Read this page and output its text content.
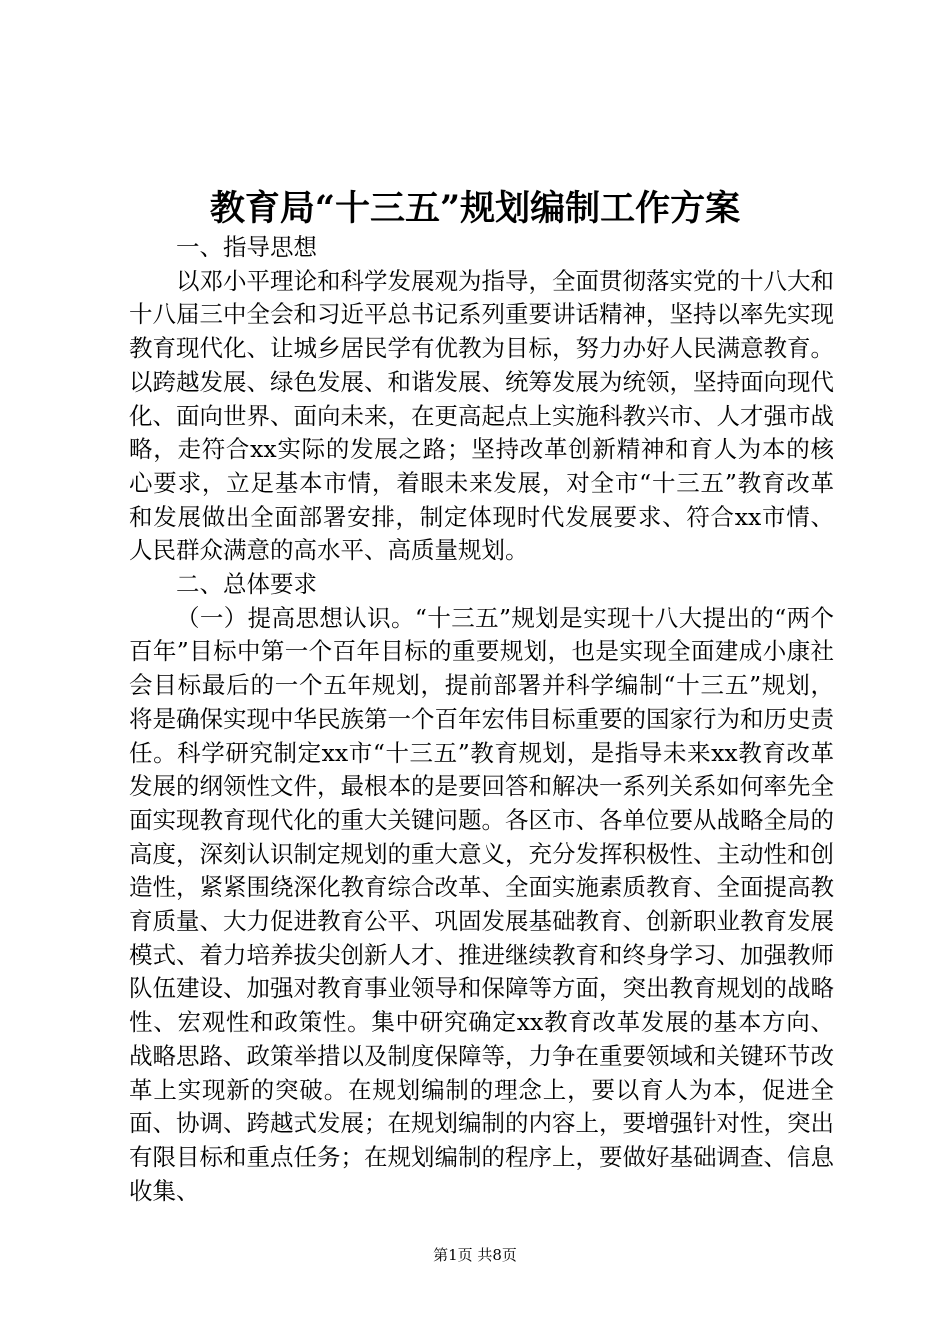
教育局“十三五”规划编制工作方案

一、指导思想

以邓小平理论和科学发展观为指导，全面贯彻落实党的十八大和十八届三中全会和习近平总书记系列重要讲话精神，坚持以率先实现教育现代化、让城乡居民学有优教为目标，努力办好人民满意教育。以跨越发展、绿色发展、和谐发展、统筹发展为统领，坚持面向现代化、面向世界、面向未来，在更高起点上实施科教兴市、人才强市战略，走符合xx实际的发展之路；坚持改革创新精神和育人为本的核心要求，立足基本市情，着眼未来发展，对全市“十三五”教育改革和发展做出全面部署安排，制定体现时代发展要求、符合xx市情、人民群众满意的高水平、高质量规划。

二、总体要求

（一）提高思想认识。“十三五”规划是实现十八大提出的“两个百年”目标中第一个百年目标的重要规划，也是实现全面建成小康社会目标最后的一个五年规划，提前部署并科学编制“十三五”规划，将是确保实现中华民族第一个百年宏伟目标重要的国家行为和历史责任。科学研究制定xx市“十三五”教育规划，是指导未来xx教育改革发展的纲领性文件，最根本的是要回答和解决一系列关系如何率先全面实现教育现代化的重大关键问题。各区市、各单位要从战略全局的高度，深刻认识制定规划的重大意义，充分发挥积极性、主动性和创造性，紧紧围绕深化教育综合改革、全面实施素质教育、全面提高教育质量、大力促进教育公平、巩固发展基础教育、创新职业教育发展模式、着力培养拔尖创新人才、推进继续教育和终身学习、加强教师队伍建设、加强对教育事业领导和保障等方面，突出教育规划的战略性、宏观性和政策性。集中研究确定xx教育改革发展的基本方向、战略思路、政策举措以及制度保障等，力争在重要领域和关键环节改革上实现新的突破。在规划编制的理念上，要以育人为本，促进全面、协调、跨越式发展；在规划编制的内容上，要增强针对性，突出有限目标和重点任务；在规划编制的程序上，要做好基础调查、信息收集、

第1页 共8页
